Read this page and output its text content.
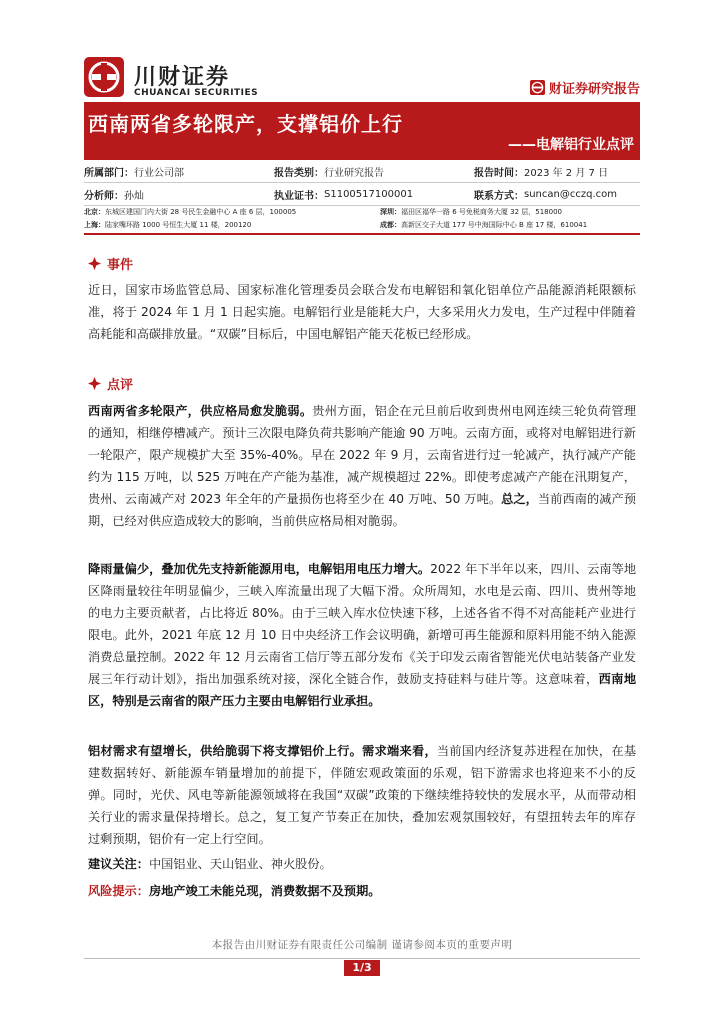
川财证券
CHUANCAI SECURITIES	财证券研究报告
西南两省多轮限产，支撑铝价上行
——电解铝行业点评
所属部门： 行业公司部	报告类别： 行业研究报告	报告时间： 2023 年 2 月 7 日
分析师： 孙灿	执业证书： S1100517100001	联系方式： suncan@cczq.com
北京：东城区建国门内大街 28 号民生金融中心 A 座 6 层，100005	深圳：福田区福华一路 6 号免税商务大厦 32 层，518000
上海：陆家嘴环路 1000 号恒生大厦 11 楼，200120	成都：高新区交子大道 177 号中海国际中心 B 座 17 楼，610041
事件
近日，国家市场监管总局、国家标准化管理委员会联合发布电解铝和氧化铝单位产品能源消耗限额标准，将于 2024 年 1 月 1 日起实施。电解铝行业是能耗大户，大多采用火力发电，生产过程中伴随着高耗能和高碳排放量。“双碳”目标后，中国电解铝产能天花板已经形成。
点评
西南两省多轮限产，供应格局愈发脆弱。贵州方面，铝企在元旦前后收到贵州电网连续三轮负荷管理的通知，相继停槽减产。预计三次限电降负荷共影响产能逾 90 万吨。云南方面，或将对电解铝进行新一轮限产，限产规模扩大至 35%-40%。早在 2022 年 9 月，云南省进行过一轮减产，执行减产产能约为 115 万吨，以 525 万吨在产产能为基准，减产规模超过 22%。即使考虑减产产能在汛期复产，贵州、云南减产对 2023 年全年的产量损伤也将至少在 40 万吨、50 万吨。总之，当前西南的减产预期，已经对供应造成较大的影响，当前供应格局相对脆弱。
降雨量偏少，叠加优先支持新能源用电，电解铝用电压力增大。2022 年下半年以来，四川、云南等地区降雨量较往年明显偏少，三峡入库流量出现了大幅下滑。众所周知，水电是云南、四川、贵州等地的电力主要贡献者，占比将近 80%。由于三峡入库水位快速下移，上述各省不得不对高能耗产业进行限电。此外，2021 年底 12 月 10 日中央经济工作会议明确，新增可再生能源和原料用能不纳入能源消费总量控制。2022 年 12 月云南省工信厅等五部分发布《关于印发云南省智能光伏电站装备产业发展三年行动计划》，指出加强系统对接，深化全链合作，鼓励支持硅料与硅片等。这意味着，西南地区，特别是云南省的限产压力主要由电解铝行业承担。
铝材需求有望增长，供给脆弱下将支撑铝价上行。需求端来看，当前国内经济复苏进程在加快，在基建数据转好、新能源车销量增加的前提下，伴随宏观政策面的乐观，铝下游需求也将迎来不小的反弹。同时，光伏、风电等新能源领域将在我国“双碳”政策的下继续维持较快的发展水平，从而带动相关行业的需求量保持增长。总之，复工复产节奏正在加快，叠加宏观氛围较好，有望扭转去年的库存过剩预期，铝价有一定上行空间。
建议关注：中国铝业、天山铝业、神火股份。
风险提示：房地产竣工未能兑现，消费数据不及预期。
本报告由川财证券有限责任公司编制 谨请参阅本页的重要声明
1/3
